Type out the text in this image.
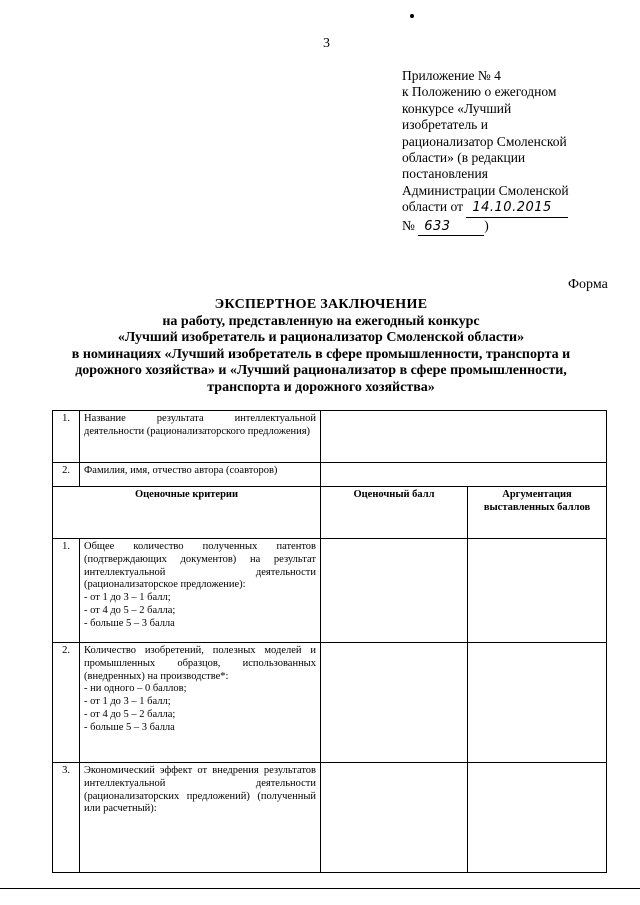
3
Приложение № 4
к Положению о ежегодном
конкурсе «Лучший
изобретатель и
рационализатор Смоленской
области» (в редакции
постановления
Администрации Смоленской
области от 14.10.2015
№ 633 )
Форма
ЭКСПЕРТНОЕ ЗАКЛЮЧЕНИЕ
на работу, представленную на ежегодный конкурс
«Лучший изобретатель и рационализатор Смоленской области»
в номинациях «Лучший изобретатель в сфере промышленности, транспорта и
дорожного хозяйства» и «Лучший рационализатор в сфере промышленности,
транспорта и дорожного хозяйства»
1.	Название результата интеллектуальной деятельности (рационализаторского предложения)		
2.	Фамилия, имя, отчество автора (соавторов)		
Оценочные критерии		Оценочный балл	Аргументация выставленных баллов
1.	Общее количество полученных патентов (подтверждающих документов) на результат интеллектуальной деятельности (рационализаторское предложение):
- от 1 до 3 – 1 балл;
- от 4 до 5 – 2 балла;
- больше 5 – 3 балла		

2.	Количество изобретений, полезных моделей и промышленных образцов, использованных (внедренных) на производстве*:
- ни одного – 0 баллов;
- от 1 до 3 – 1 балл;
- от 4 до 5 – 2 балла;
- больше 5 – 3 балла		

3.	Экономический эффект от внедрения результатов интеллектуальной деятельности (рационализаторских предложений) (полученный или расчетный):		
